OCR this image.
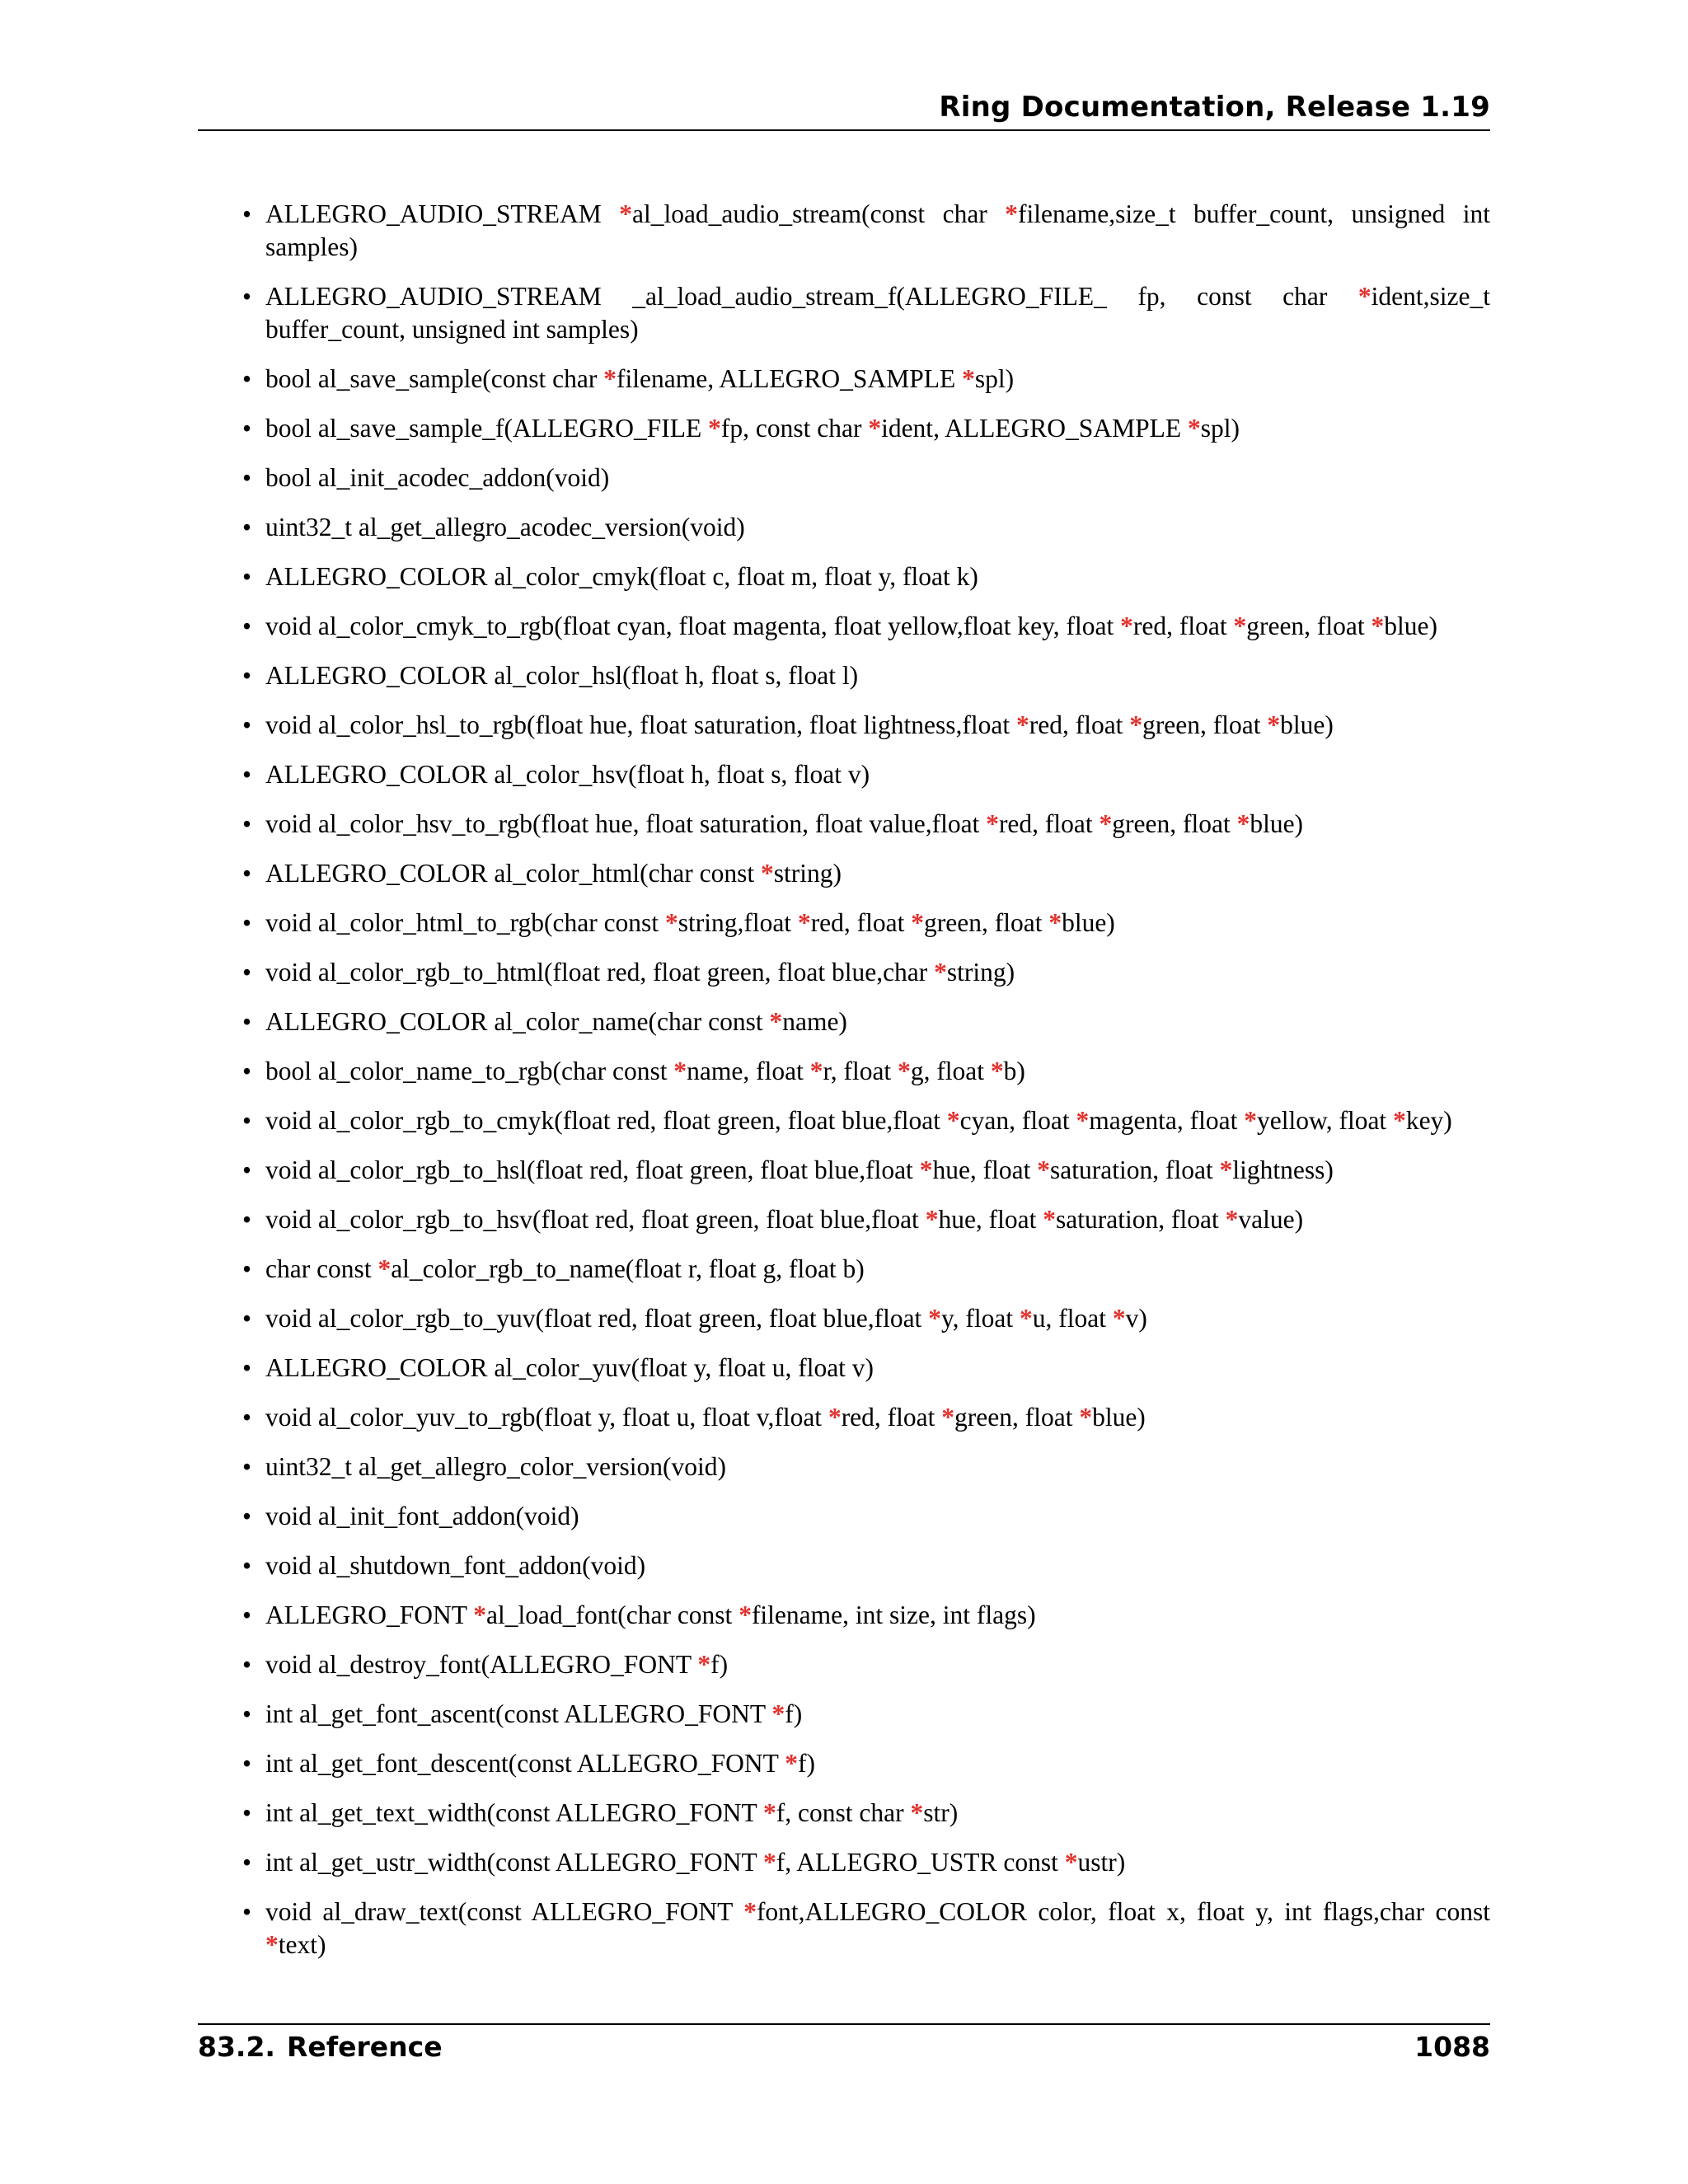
Ring Documentation, Release 1.19
• ALLEGRO_AUDIO_STREAM *al_load_audio_stream(const char *filename,size_t buffer_count, unsigned int samples)
• ALLEGRO_AUDIO_STREAM _al_load_audio_stream_f(ALLEGRO_FILE_ fp, const char *ident,size_t buffer_count, unsigned int samples)
• bool al_save_sample(const char *filename, ALLEGRO_SAMPLE *spl)
• bool al_save_sample_f(ALLEGRO_FILE *fp, const char *ident, ALLEGRO_SAMPLE *spl)
• bool al_init_acodec_addon(void)
• uint32_t al_get_allegro_acodec_version(void)
• ALLEGRO_COLOR al_color_cmyk(float c, float m, float y, float k)
• void al_color_cmyk_to_rgb(float cyan, float magenta, float yellow,float key, float *red, float *green, float *blue)
• ALLEGRO_COLOR al_color_hsl(float h, float s, float l)
• void al_color_hsl_to_rgb(float hue, float saturation, float lightness,float *red, float *green, float *blue)
• ALLEGRO_COLOR al_color_hsv(float h, float s, float v)
• void al_color_hsv_to_rgb(float hue, float saturation, float value,float *red, float *green, float *blue)
• ALLEGRO_COLOR al_color_html(char const *string)
• void al_color_html_to_rgb(char const *string,float *red, float *green, float *blue)
• void al_color_rgb_to_html(float red, float green, float blue,char *string)
• ALLEGRO_COLOR al_color_name(char const *name)
• bool al_color_name_to_rgb(char const *name, float *r, float *g, float *b)
• void al_color_rgb_to_cmyk(float red, float green, float blue,float *cyan, float *magenta, float *yellow, float *key)
• void al_color_rgb_to_hsl(float red, float green, float blue,float *hue, float *saturation, float *lightness)
• void al_color_rgb_to_hsv(float red, float green, float blue,float *hue, float *saturation, float *value)
• char const *al_color_rgb_to_name(float r, float g, float b)
• void al_color_rgb_to_yuv(float red, float green, float blue,float *y, float *u, float *v)
• ALLEGRO_COLOR al_color_yuv(float y, float u, float v)
• void al_color_yuv_to_rgb(float y, float u, float v,float *red, float *green, float *blue)
• uint32_t al_get_allegro_color_version(void)
• void al_init_font_addon(void)
• void al_shutdown_font_addon(void)
• ALLEGRO_FONT *al_load_font(char const *filename, int size, int flags)
• void al_destroy_font(ALLEGRO_FONT *f)
• int al_get_font_ascent(const ALLEGRO_FONT *f)
• int al_get_font_descent(const ALLEGRO_FONT *f)
• int al_get_text_width(const ALLEGRO_FONT *f, const char *str)
• int al_get_ustr_width(const ALLEGRO_FONT *f, ALLEGRO_USTR const *ustr)
• void al_draw_text(const ALLEGRO_FONT *font,ALLEGRO_COLOR color, float x, float y, int flags,char const *text)
83.2. Reference	1088
